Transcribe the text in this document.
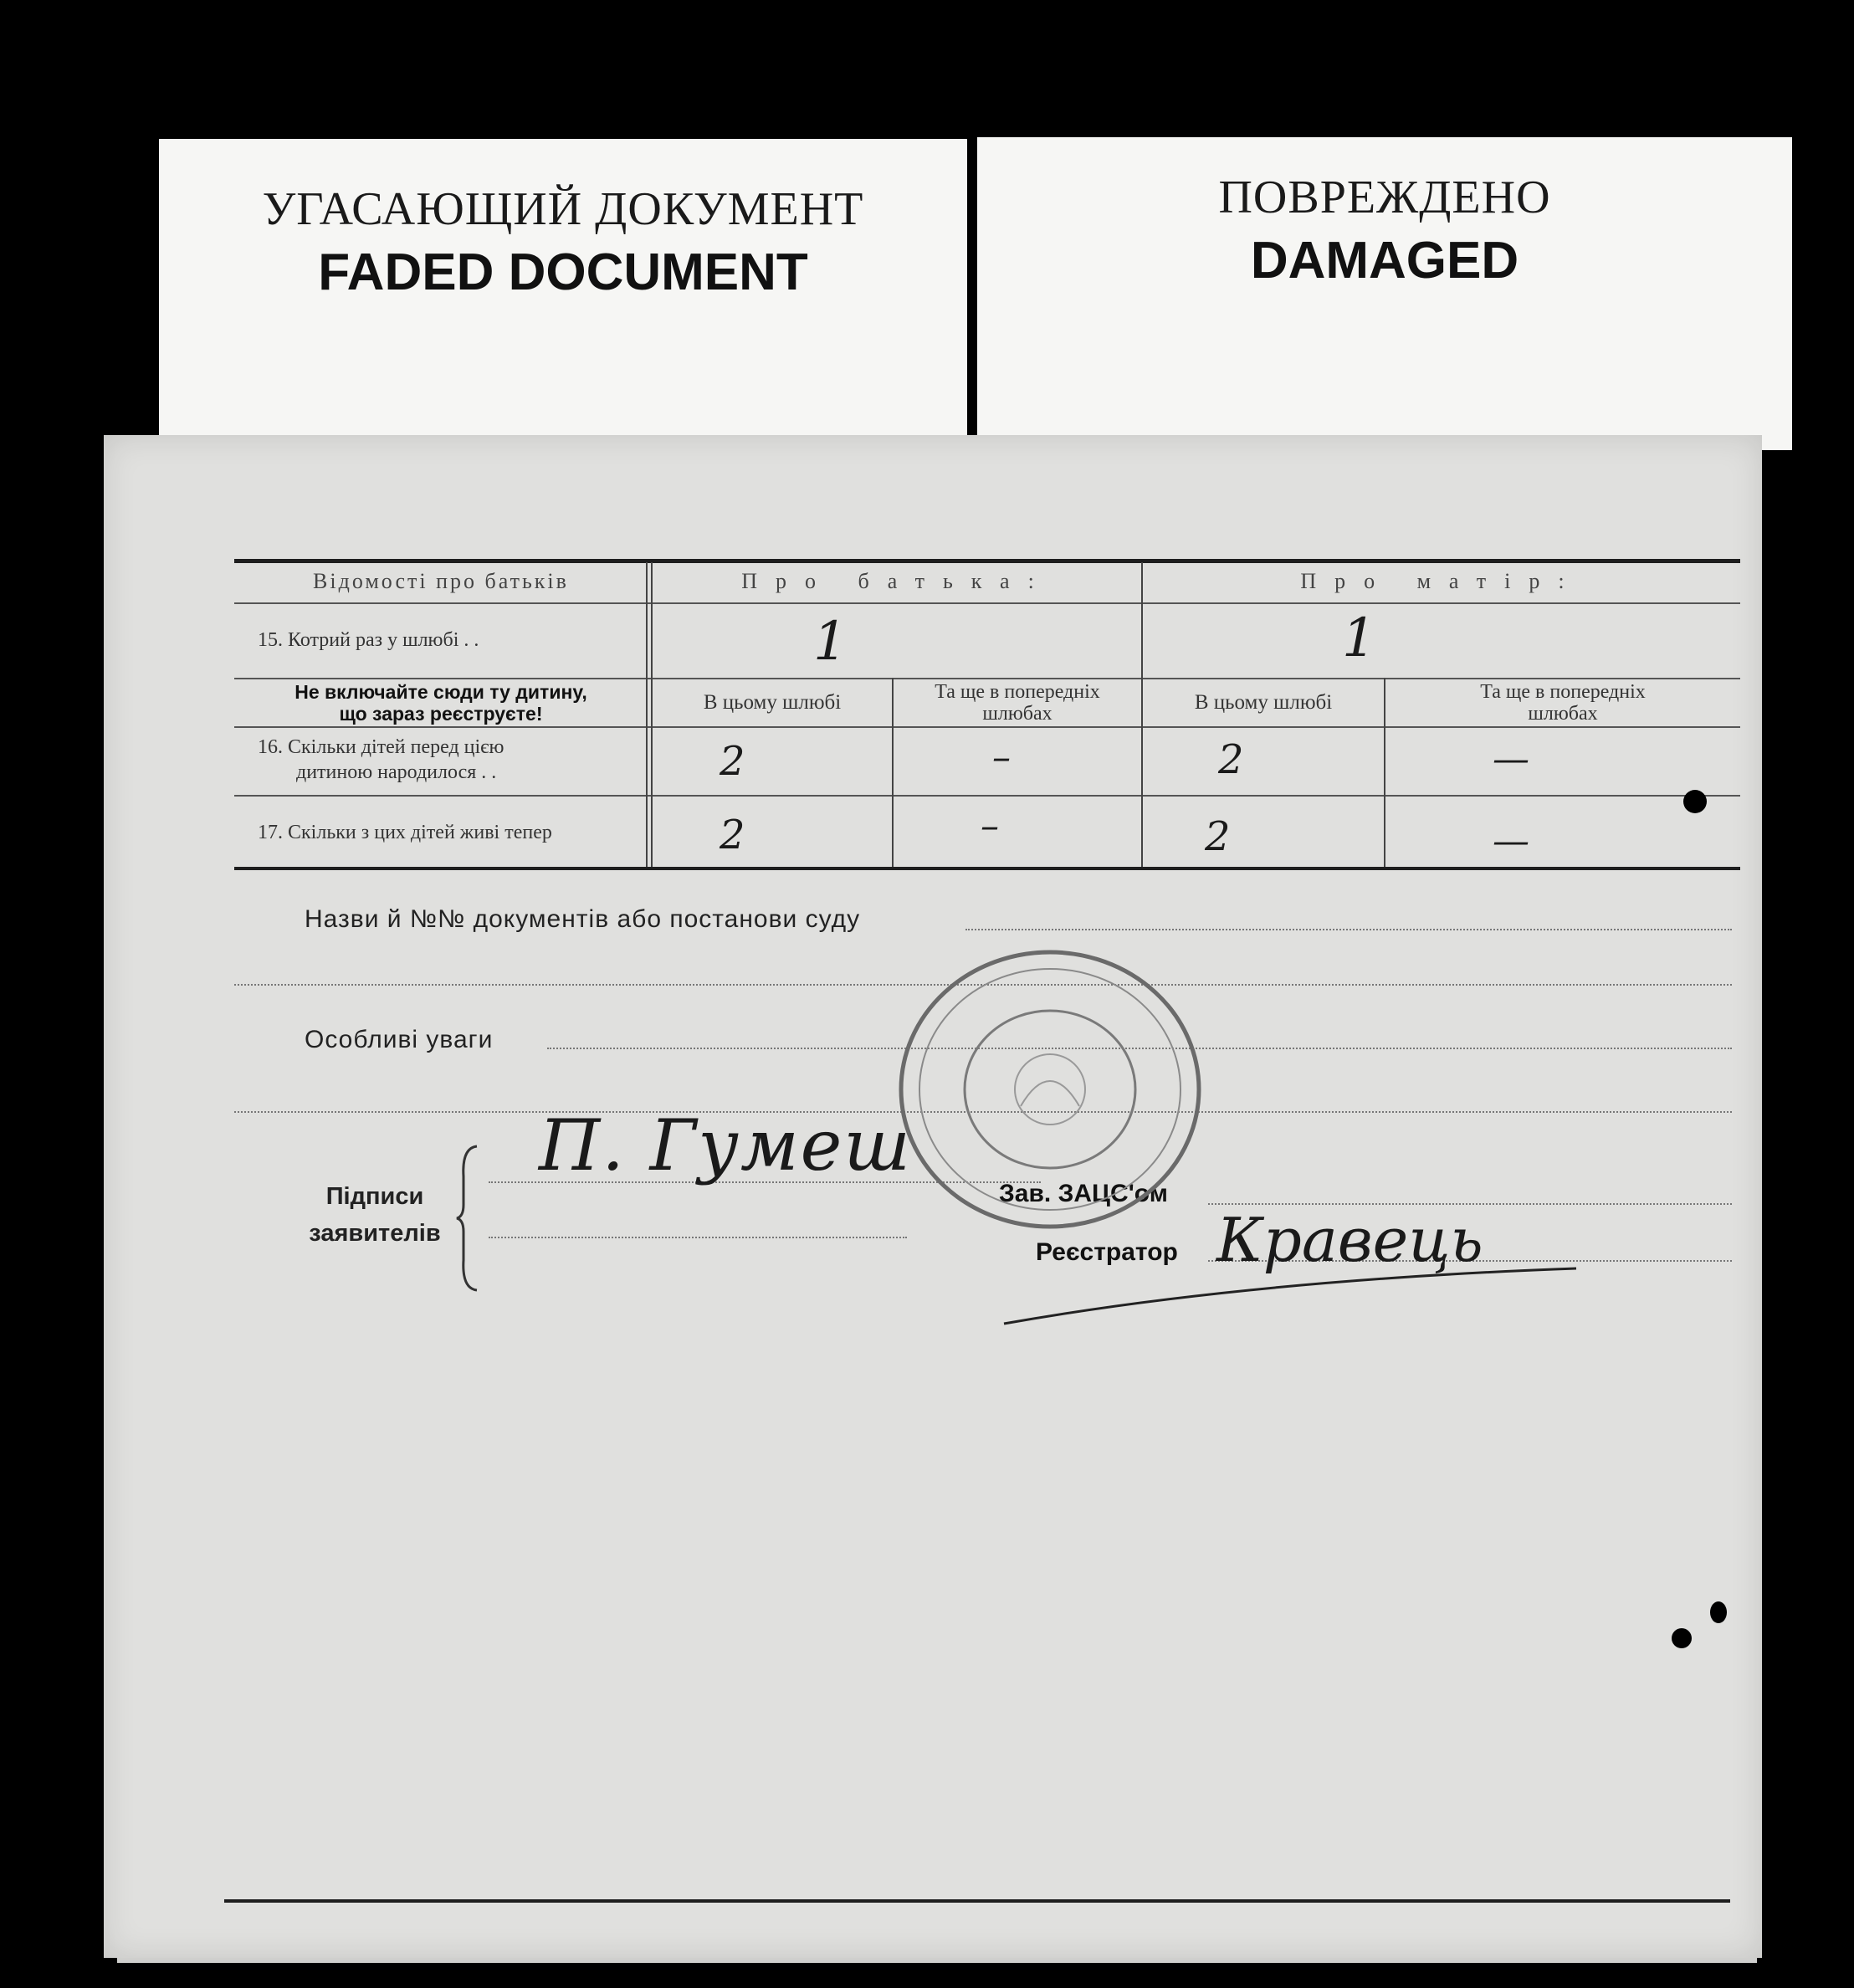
УГАСАЮЩИЙ ДОКУМЕНТ
FADED DOCUMENT
ПОВРЕЖДЕНО
DAMAGED
Відомості про батьків	Про батька:	Про матір:
15. Котрий раз у шлюбі . .	1	1
Не включайте сюди ту дитину,
що зараз реєструєте!	В цьому шлюбі	Та ще в попередніх
шлюбах	В цьому шлюбі	Та ще в попередніх
шлюбах
16. Скільки дітей перед цією
дитиною народилося . .	2	–	2	—
17. Скільки з цих дітей живі тепер	2	–	2	—
Назви й №№ документів або постанови суду
Особливі уваги
Підписи
заявителів
П. Гумеш
Зав. ЗАЦС'ом
Реєстратор Кравець
